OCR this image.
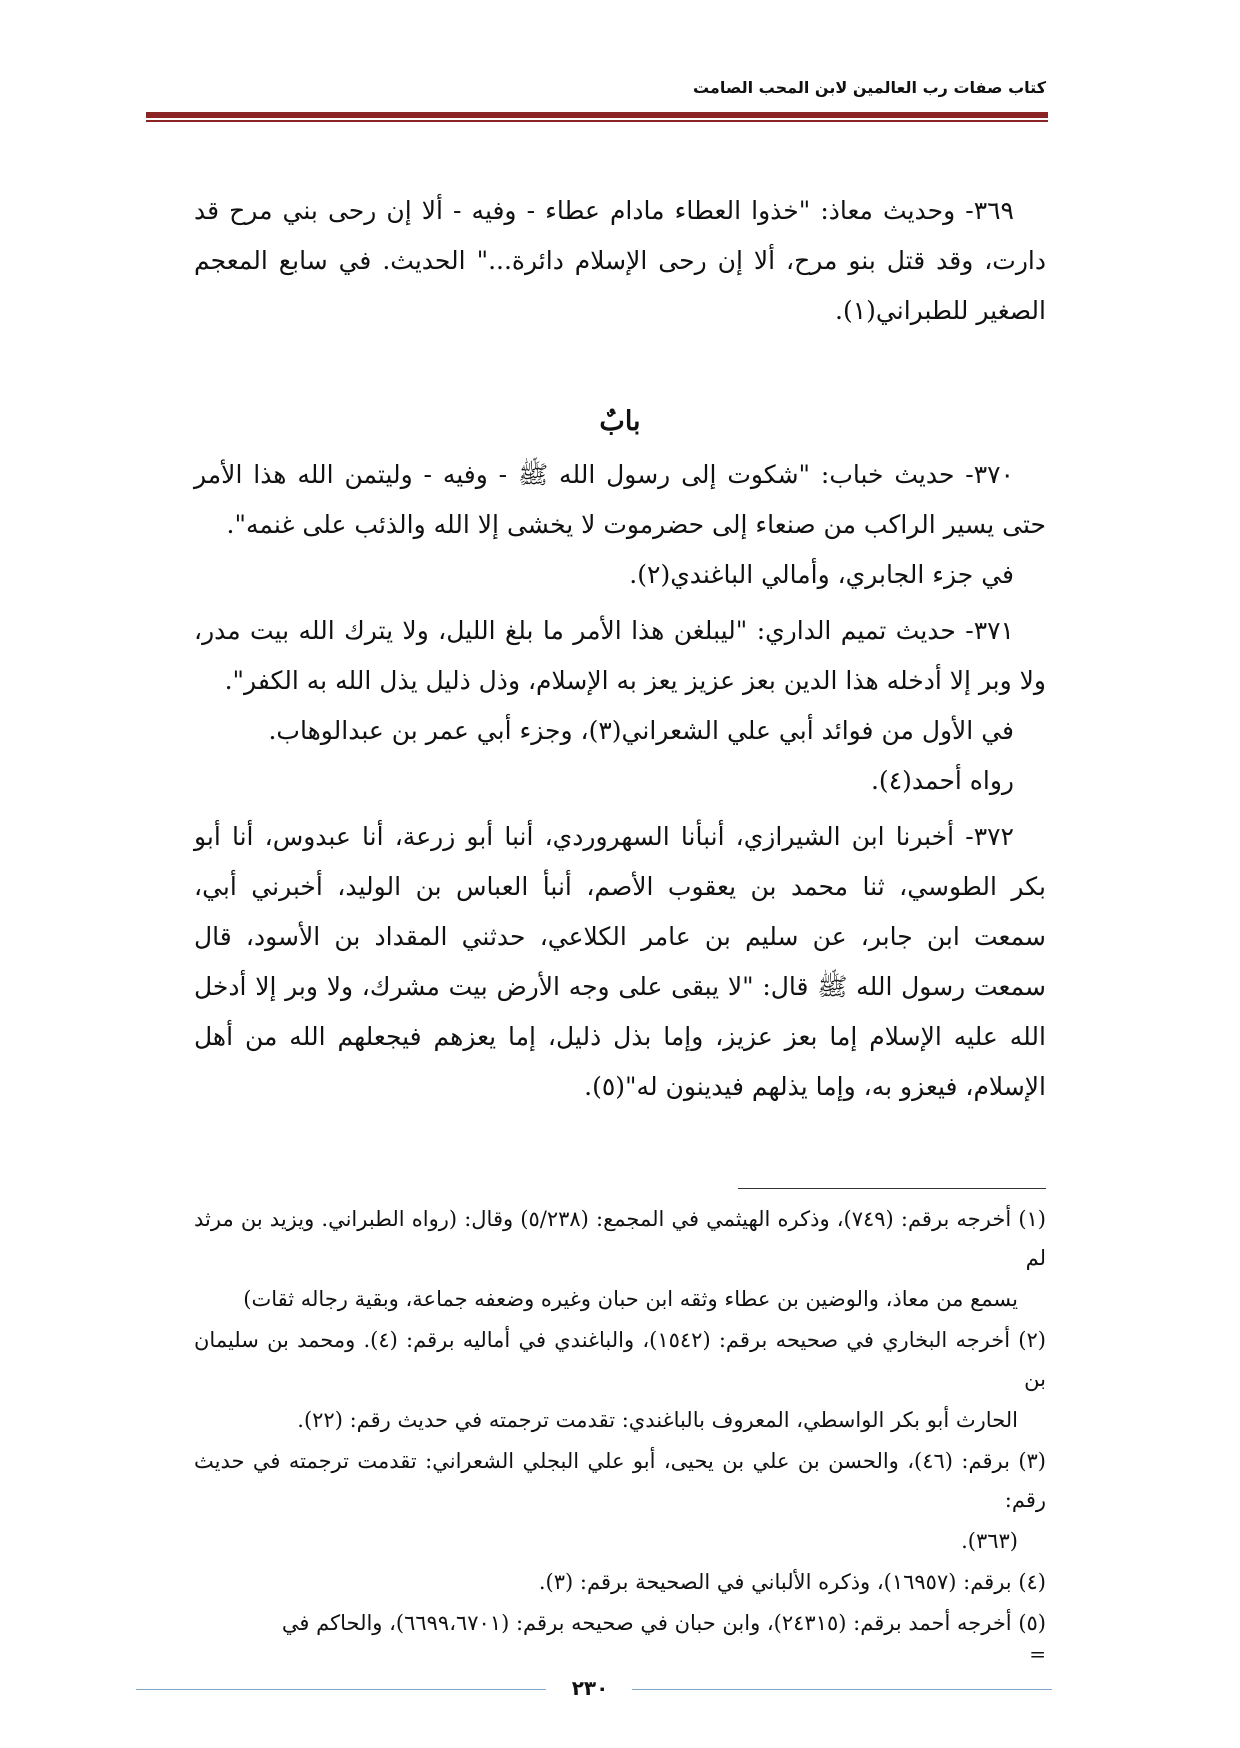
كتاب صفات رب العالمين لابن المحب الصامت

٣٦٩- وحديث معاذ: "خذوا العطاء مادام عطاء - وفيه - ألا إن رحى بني مرح قد دارت، وقد قتل بنو مرح، ألا إن رحى الإسلام دائرة..." الحديث. في سابع المعجم الصغير للطبراني(١).

بابٌ

٣٧٠- حديث خباب: "شكوت إلى رسول الله ﷺ - وفيه - وليتمن الله هذا الأمر حتى يسير الراكب من صنعاء إلى حضرموت لا يخشى إلا الله والذئب على غنمه".

في جزء الجابري، وأمالي الباغندي(٢).

٣٧١- حديث تميم الداري: "ليبلغن هذا الأمر ما بلغ الليل، ولا يترك الله بيت مدر، ولا وبر إلا أدخله هذا الدين بعز عزيز يعز به الإسلام، وذل ذليل يذل الله به الكفر".

في الأول من فوائد أبي علي الشعراني(٣)، وجزء أبي عمر بن عبدالوهاب.

رواه أحمد(٤).

٣٧٢- أخبرنا ابن الشيرازي، أنبأنا السهروردي، أنبا أبو زرعة، أنا عبدوس، أنا أبو بكر الطوسي، ثنا محمد بن يعقوب الأصم، أنبأ العباس بن الوليد، أخبرني أبي، سمعت ابن جابر، عن سليم بن عامر الكلاعي، حدثني المقداد بن الأسود، قال سمعت رسول الله ﷺ قال: "لا يبقى على وجه الأرض بيت مشرك، ولا وبر إلا أدخل الله عليه الإسلام إما بعز عزيز، وإما بذل ذليل، إما يعزهم فيجعلهم الله من أهل الإسلام، فيعزو به، وإما يذلهم فيدينون له"(٥).

(١) أخرجه برقم: (٧٤٩)، وذكره الهيثمي في المجمع: (٥/٢٣٨) وقال: (رواه الطبراني. ويزيد بن مرثد لم

يسمع من معاذ، والوضين بن عطاء وثقه ابن حبان وغيره وضعفه جماعة، وبقية رجاله ثقات)

(٢) أخرجه البخاري في صحيحه برقم: (١٥٤٢)، والباغندي في أماليه برقم: (٤). ومحمد بن سليمان بن

الحارث أبو بكر الواسطي، المعروف بالباغندي: تقدمت ترجمته في حديث رقم: (٢٢).

(٣) برقم: (٤٦)، والحسن بن علي بن يحيى، أبو علي البجلي الشعراني: تقدمت ترجمته في حديث رقم:

(٣٦٣).

(٤) برقم: (١٦٩٥٧)، وذكره الألباني في الصحيحة برقم: (٣).

(٥) أخرجه أحمد برقم: (٢٤٣١٥)، وابن حبان في صحيحه برقم: (٦٦٩٩،٦٧٠١)، والحاكم في

=

٢٣٠
